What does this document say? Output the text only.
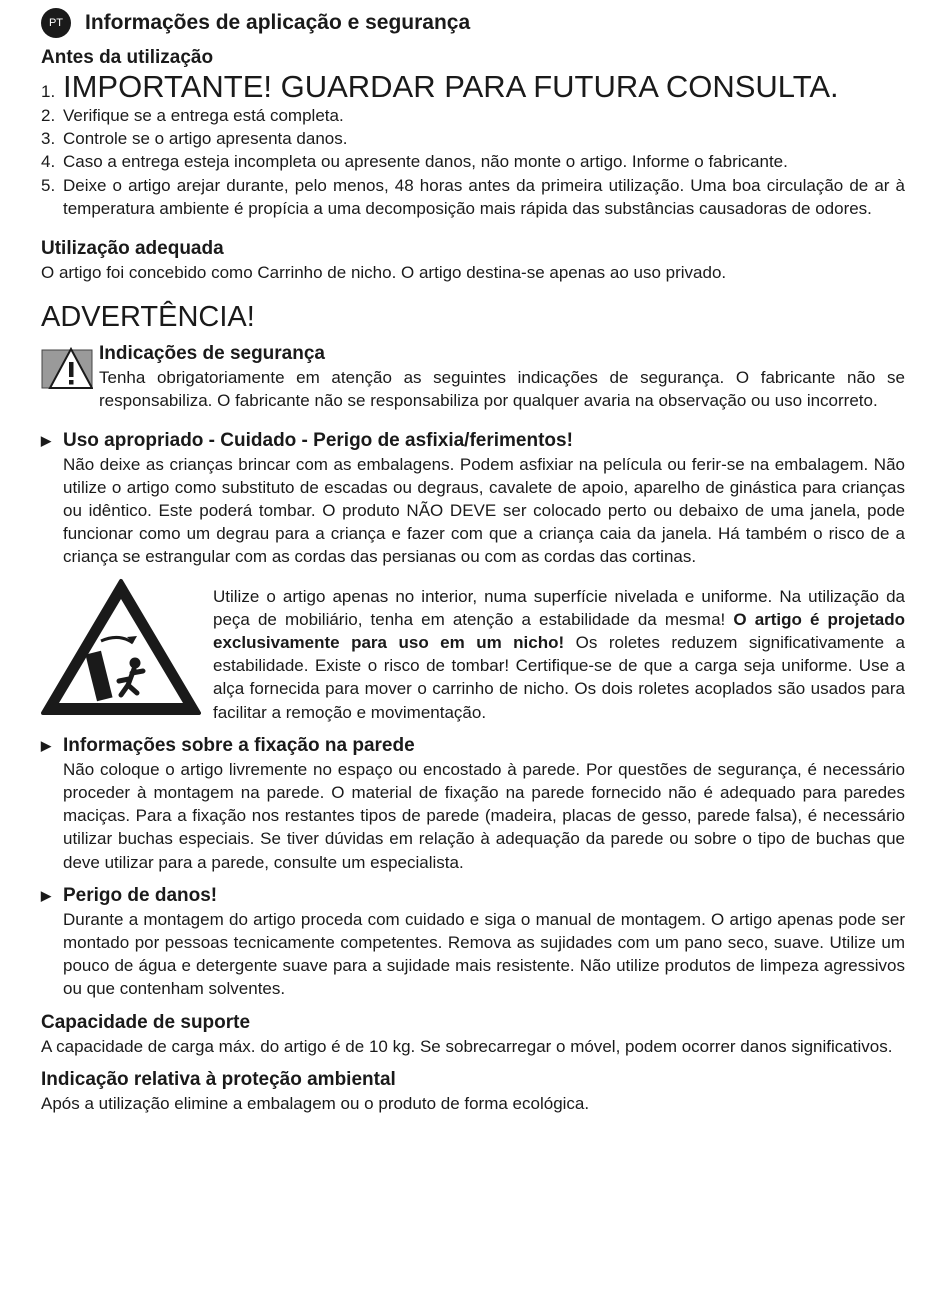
PT	Informações de aplicação e segurança
Antes da utilização
1. IMPORTANTE! GUARDAR PARA FUTURA CONSULTA.
2. Verifique se a entrega está completa.
3. Controle se o artigo apresenta danos.
4. Caso a entrega esteja incompleta ou apresente danos, não monte o artigo. Informe o fabricante.
5. Deixe o artigo arejar durante, pelo menos, 48 horas antes da primeira utilização. Uma boa circulação de ar à temperatura ambiente é propícia a uma decomposição mais rápida das substâncias causadoras de odores.
Utilização adequada

O artigo foi concebido como Carrinho de nicho. O artigo destina-se apenas ao uso privado.

ADVERTÊNCIA!
Indicações de segurança

Tenha obrigatoriamente em atenção as seguintes indicações de segurança. O fabricante não se responsabiliza. O fabricante não se responsabiliza por qualquer avaria na observação ou uso incorreto.

▶ Uso apropriado - Cuidado - Perigo de asfixia/ferimentos!

Não deixe as crianças brincar com as embalagens. Podem asfixiar na película ou ferir-se na embalagem. Não utilize o artigo como substituto de escadas ou degraus, cavalete de apoio, aparelho de ginástica para crianças ou idêntico. Este poderá tombar. O produto NÃO DEVE ser colocado perto ou debaixo de uma janela, pode funcionar como um degrau para a criança e fazer com que a criança caia da janela. Há também o risco de a criança se estrangular com as cordas das persianas ou com as cordas das cortinas.

Utilize o artigo apenas no interior, numa superfície nivelada e uniforme. Na utilização da peça de mobiliário, tenha em atenção a estabilidade da mesma! O artigo é projetado exclusivamente para uso em um nicho! Os roletes reduzem significativamente a estabilidade. Existe o risco de tombar! Certifique-se de que a carga seja uniforme. Use a alça fornecida para mover o carrinho de nicho. Os dois roletes acoplados são usados para facilitar a remoção e movimentação.
▶ Informações sobre a fixação na parede

Não coloque o artigo livremente no espaço ou encostado à parede. Por questões de segurança, é necessário proceder à montagem na parede. O material de fixação na parede fornecido não é adequado para paredes maciças. Para a fixação nos restantes tipos de parede (madeira, placas de gesso, parede falsa), é necessário utilizar buchas especiais. Se tiver dúvidas em relação à adequação da parede ou sobre o tipo de buchas que deve utilizar para a parede, consulte um especialista.

▶ Perigo de danos!

Durante a montagem do artigo proceda com cuidado e siga o manual de montagem. O artigo apenas pode ser montado por pessoas tecnicamente competentes. Remova as sujidades com um pano seco, suave. Utilize um pouco de água e detergente suave para a sujidade mais resistente. Não utilize produtos de limpeza agressivos ou que contenham solventes.

Capacidade de suporte

A capacidade de carga máx. do artigo é de 10 kg. Se sobrecarregar o móvel, podem ocorrer danos significativos.

Indicação relativa à proteção ambiental

Após a utilização elimine a embalagem ou o produto de forma ecológica.
